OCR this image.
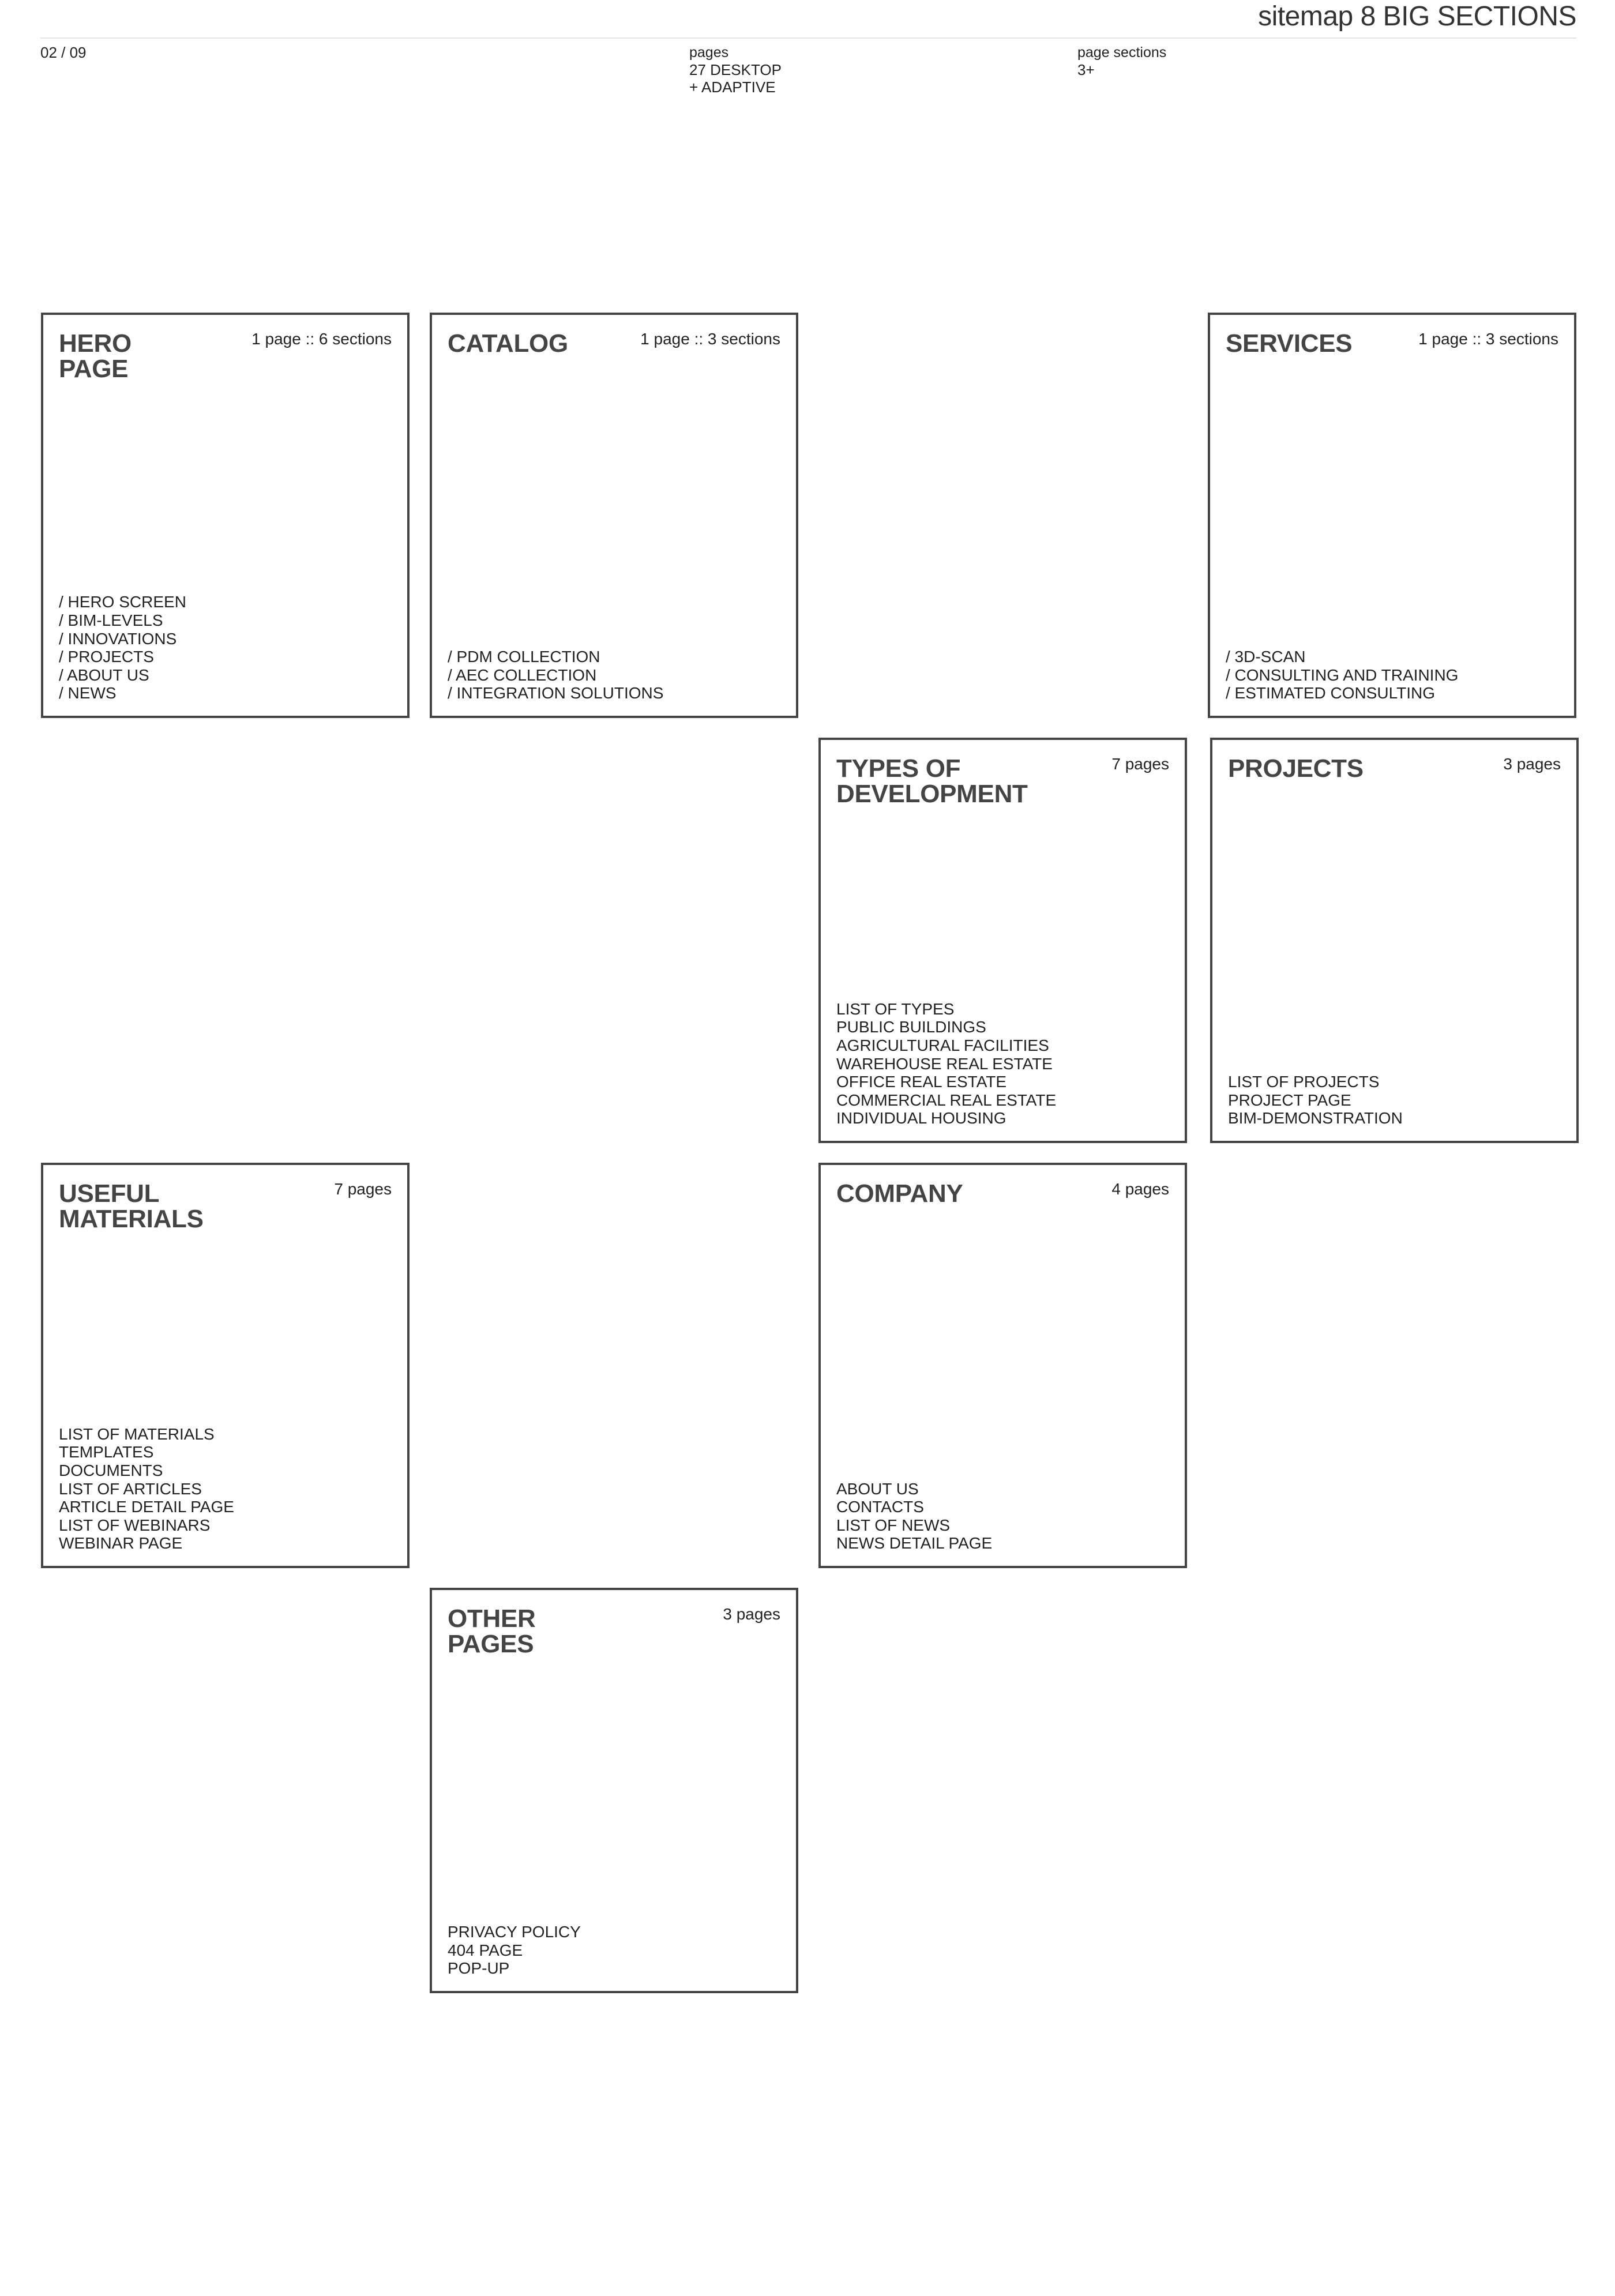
sitemap 8 BIG SECTIONS
02 / 09	pages
27 DESKTOP
+ ADAPTIVE
page sections
3+
HERO
PAGE
1 page :: 6 sections
/ HERO SCREEN
/ BIM-LEVELS
/ INNOVATIONS
/ PROJECTS
/ ABOUT US
/ NEWS
CATALOG	1 page :: 3 sections
/ PDM COLLECTION
/ AEC COLLECTION
/ INTEGRATION SOLUTIONS
SERVICES	1 page :: 3 sections
/ 3D-SCAN
/ CONSULTING AND TRAINING
/ ESTIMATED CONSULTING
TYPES OF
DEVELOPMENT
7 pages
LIST OF TYPES
PUBLIC BUILDINGS
AGRICULTURAL FACILITIES
WAREHOUSE REAL ESTATE
OFFICE REAL ESTATE
COMMERCIAL REAL ESTATE
INDIVIDUAL HOUSING
PROJECTS	3 pages
LIST OF PROJECTS
PROJECT PAGE
BIM-DEMONSTRATION
USEFUL
MATERIALS
7 pages
LIST OF MATERIALS
TEMPLATES
DOCUMENTS
LIST OF ARTICLES
ARTICLE DETAIL PAGE
LIST OF WEBINARS
WEBINAR PAGE
COMPANY	4 pages
ABOUT US
CONTACTS
LIST OF NEWS
NEWS DETAIL PAGE
OTHER
PAGES
3 pages
PRIVACY POLICY
404 PAGE
POP-UP
